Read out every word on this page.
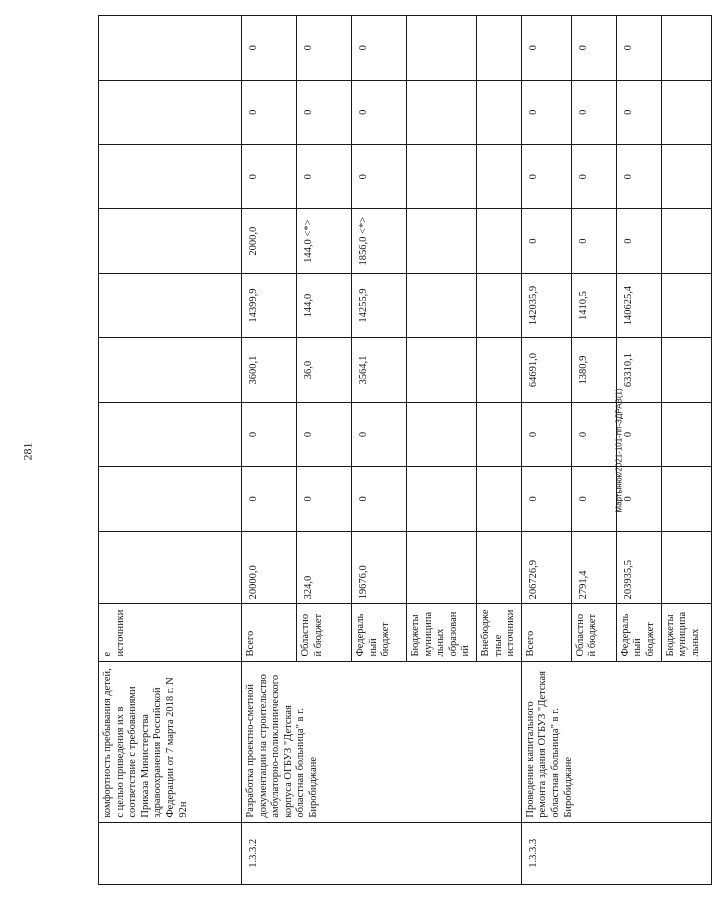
281	Мартынюк/2021-101-пп-ЗДРАВ(1)
	комфортность пребывания детей, с целью приведения их в соответствие с требованиями Приказа Министерства здравоохранения Российской Федерации от 7 марта 2018 г. N 92н	е источники									
1.3.3.2	Разработка проектно-сметной документации на строительство амбулаторно-поликлинического корпуса ОГБУЗ "Детская областная больница" в г. Биробиджане	Всего	20000,0	0	0	3600,1	14399,9	2000,0	0	0	0
		Областной бюджет	324,0	0	0	36,0	144,0	144,0 <*>	0	0	0
		Федеральный бюджет	19676,0	0	0	3564,1	14255,9	1856,0 <*>	0	0	0
		Бюджеты муниципальных образований									
		Внебюджетные источники									
1.3.3.3	Проведение капитального ремонта здания ОГБУЗ "Детская областная больница" в г. Биробиджане	Всего	206726,9	0	0	64691,0	142035,9	0	0	0	0
		Областной бюджет	2791,4	0	0	1380,9	1410,5	0	0	0	0
		Федеральный бюджет	203935,5	0	0	63310,1	140625,4	0	0	0	0
		Бюджеты муниципальных									
